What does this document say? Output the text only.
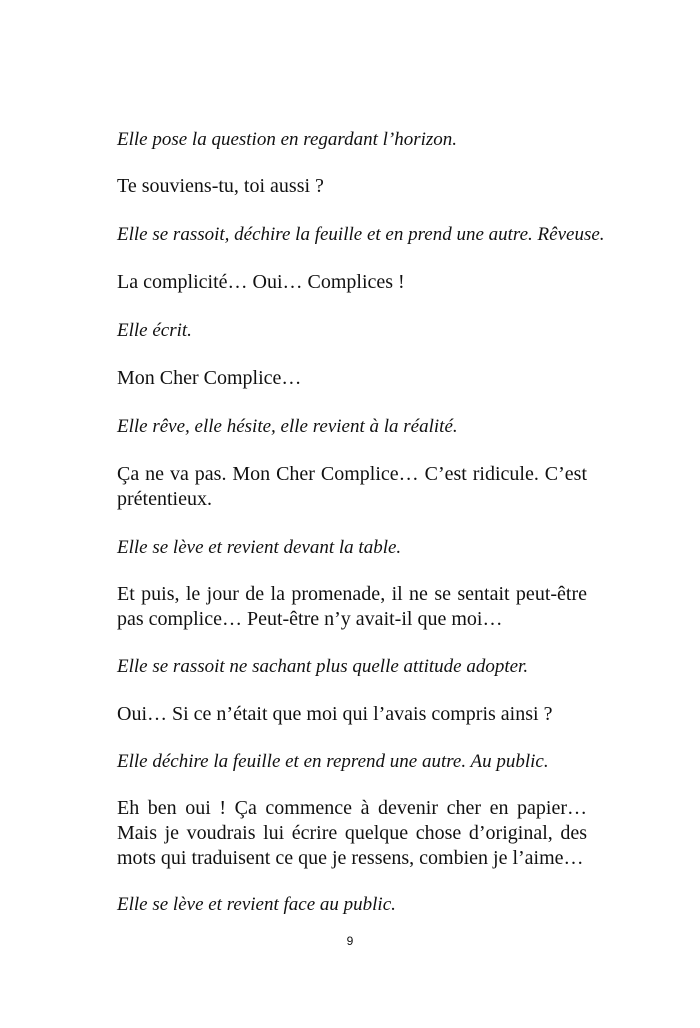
Elle pose la question en regardant l’horizon.
Te souviens-tu, toi aussi ?
Elle se rassoit, déchire la feuille et en prend une autre. Rêveuse.
La complicité… Oui… Complices !
Elle écrit.
Mon Cher Complice…
Elle rêve, elle hésite, elle revient à la réalité.
Ça ne va pas. Mon Cher Complice… C’est ridicule. C’est prétentieux.
Elle se lève et revient devant la table.
Et puis, le jour de la promenade, il ne se sentait peut-être pas complice… Peut-être n’y avait-il que moi…
Elle se rassoit ne sachant plus quelle attitude adopter.
Oui… Si ce n’était que moi qui l’avais compris ainsi ?
Elle déchire la feuille et en reprend une autre. Au public.
Eh ben oui ! Ça commence à devenir cher en papier… Mais je voudrais lui écrire quelque chose d’original, des mots qui traduisent ce que je ressens, combien je l’aime…
Elle se lève et revient face au public.
9
